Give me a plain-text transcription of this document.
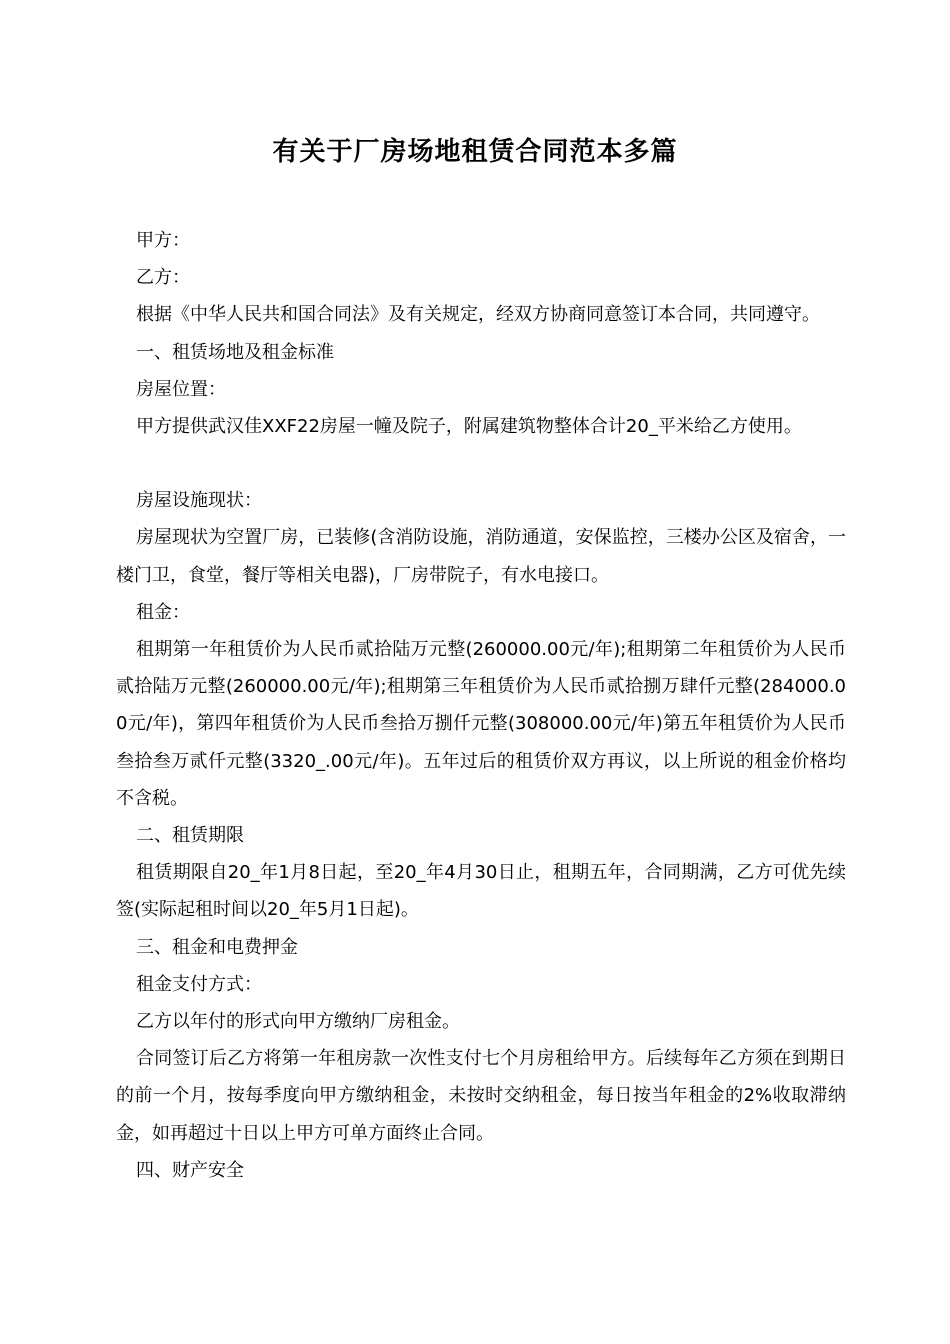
有关于厂房场地租赁合同范本多篇

甲方：

乙方：

根据《中华人民共和国合同法》及有关规定，经双方协商同意签订本合同，共同遵守。

一、租赁场地及租金标准

房屋位置：

甲方提供武汉佳XXF22房屋一幢及院子，附属建筑物整体合计20_平米给乙方使用。

房屋设施现状：

房屋现状为空置厂房，已装修(含消防设施，消防通道，安保监控，三楼办公区及宿舍，一楼门卫，食堂，餐厅等相关电器)，厂房带院子，有水电接口。

租金：

租期第一年租赁价为人民币贰拾陆万元整(260000.00元/年);租期第二年租赁价为人民币贰拾陆万元整(260000.00元/年);租期第三年租赁价为人民币贰拾捌万肆仟元整(284000.00元/年)，第四年租赁价为人民币叁拾万捌仟元整(308000.00元/年)第五年租赁价为人民币叁拾叁万贰仟元整(3320_.00元/年)。五年过后的租赁价双方再议，以上所说的租金价格均不含税。

二、租赁期限

租赁期限自20_年1月8日起，至20_年4月30日止，租期五年，合同期满，乙方可优先续签(实际起租时间以20_年5月1日起)。

三、租金和电费押金

租金支付方式：

乙方以年付的形式向甲方缴纳厂房租金。

合同签订后乙方将第一年租房款一次性支付七个月房租给甲方。后续每年乙方须在到期日的前一个月，按每季度向甲方缴纳租金，未按时交纳租金，每日按当年租金的2%收取滞纳金，如再超过十日以上甲方可单方面终止合同。

四、财产安全
